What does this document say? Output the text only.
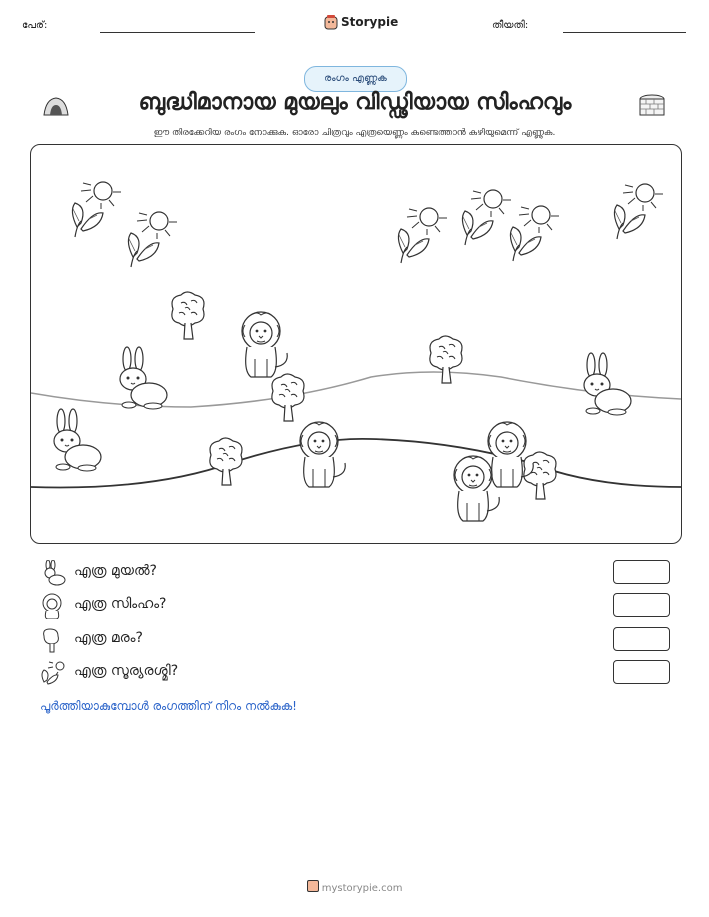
പേര്:	Storypie	തീയതി:
രംഗം എണ്ണുക
ബുദ്ധിമാനായ മുയലും വിഡ്ഢിയായ സിംഹവും
ഈ തിരക്കേറിയ രംഗം നോക്കുക. ഓരോ ചിത്രവും എത്രയെണ്ണം കണ്ടെത്താൻ കഴിയുമെന്ന് എണ്ണുക.
എത്ര മുയൽ?
എത്ര സിംഹം?
എത്ര മരം?
എത്ര സൂര്യരശ്മി?
പൂർത്തിയാകുമ്പോൾ രംഗത്തിന് നിറം നൽകുക!
mystorypie.com
